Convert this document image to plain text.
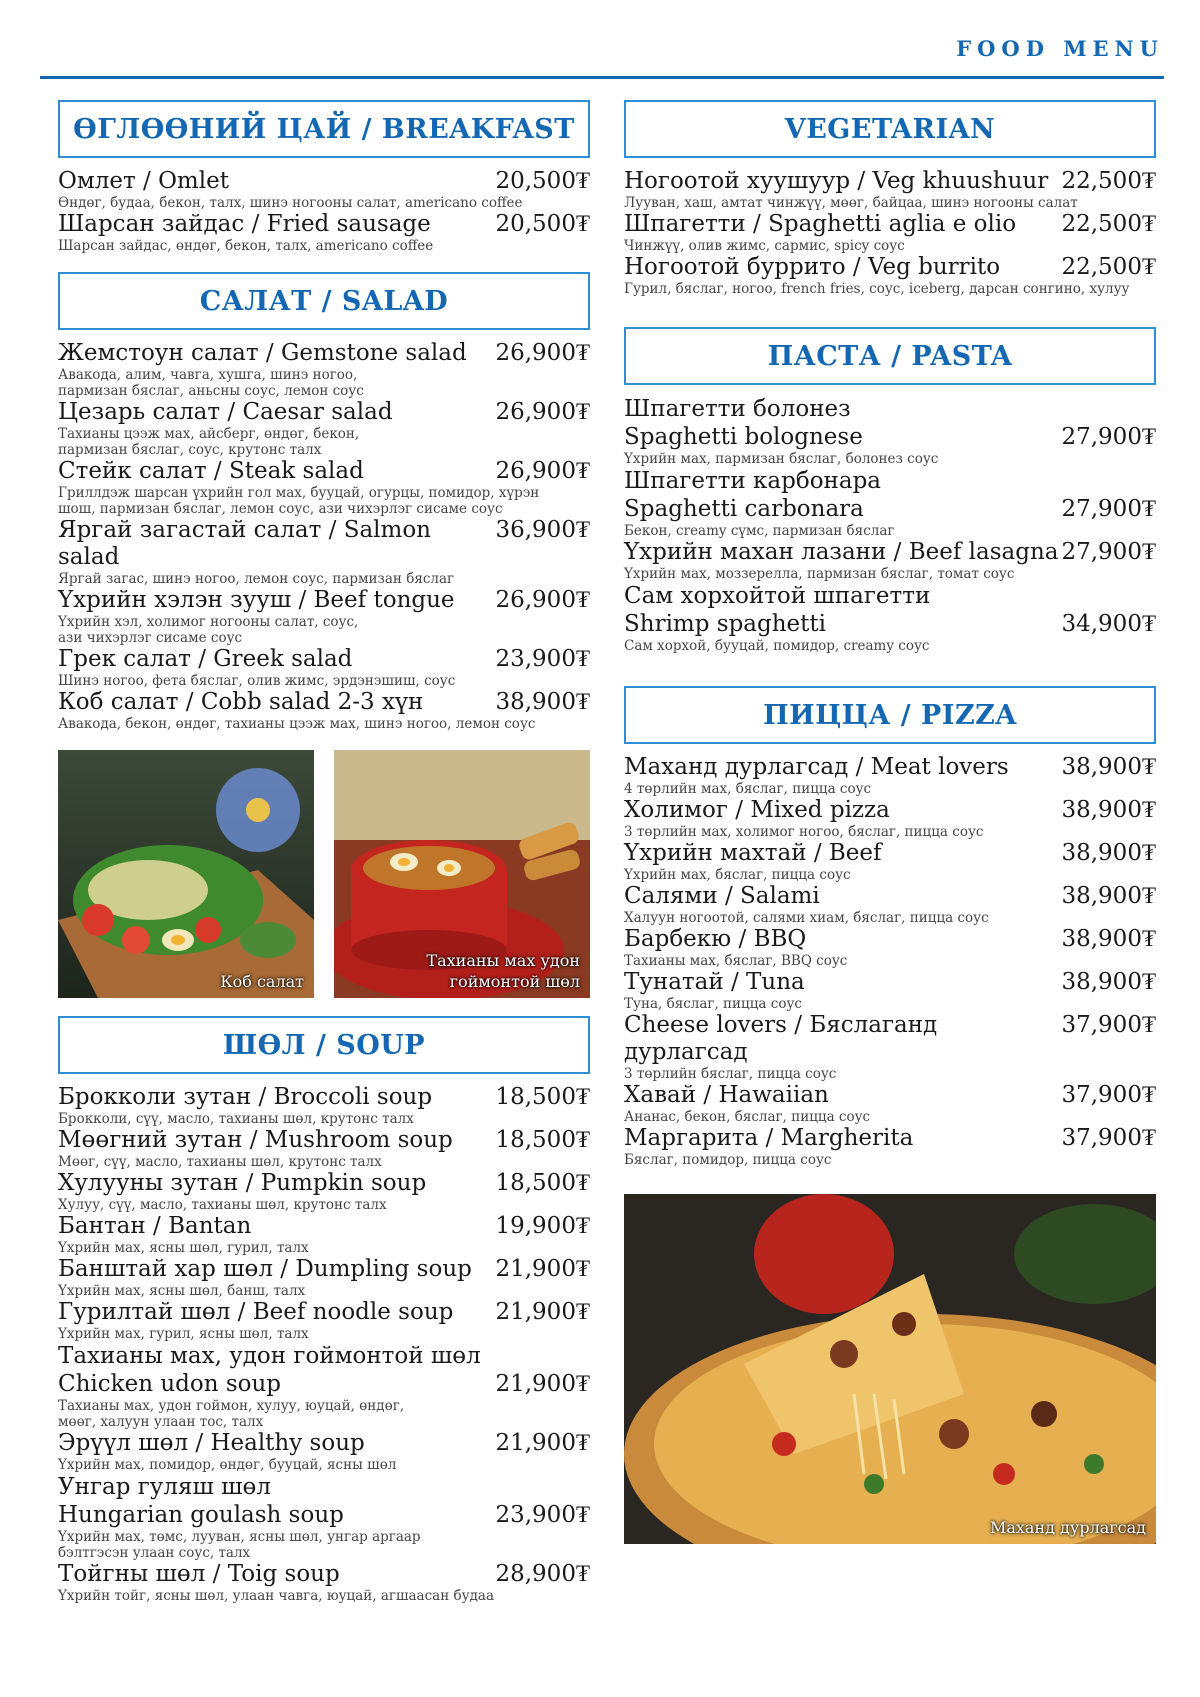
FOOD MENU
ӨГЛӨӨНИЙ ЦАЙ / BREAKFAST
Омлет / Omlet	20,500₮
Өндөг, будаа, бекон, талх, шинэ ногооны салат, americano coffee
Шарсан зайдас / Fried sausage	20,500₮
Шарсан зайдас, өндөг, бекон, талх, americano coffee
САЛАТ / SALAD
Жемстоун салат / Gemstone salad 26,900₮
Авакода, алим, чавга, хушга, шинэ ногоо,
пармизан бяслаг, аньсны соус, лемон соус
Цезарь салат / Caesar salad	26,900₮
Тахианы цээж мах, айсберг, өндөг, бекон,
пармизан бяслаг, соус, крутонс талх
Стейк салат / Steak salad	26,900₮
Гриллдэж шарсан үхрийн гол мах, бууцай, огурцы, помидор, хүрэн
шош, пармизан бяслаг, лемон соус, ази чихэрлэг сисаме соус
Яргай загастай салат / Salmon salad
36,900₮
Яргай загас, шинэ ногоо, лемон соус, пармизан бяслаг
Үхрийн хэлэн зууш / Beef tongue 26,900₮
Үхрийн хэл, холимог ногооны салат, соус,
ази чихэрлэг сисаме соус
Грек салат / Greek salad	23,900₮
Шинэ ногоо, фета бяслаг, олив жимс, эрдэнэшиш, соус
Коб салат / Cobb salad 2-3 хүн	38,900₮
Авакода, бекон, өндөг, тахианы цээж мах, шинэ ногоо, лемон соус
Коб салат
Тахианы мах удон
гоймонтой шөл
ШӨЛ / SOUP
Брокколи зутан / Broccoli soup	18,500₮
Брокколи, сүү, масло, тахианы шөл, крутонс талх
Мөөгний зутан / Mushroom soup 18,500₮
Мөөг, сүү, масло, тахианы шөл, крутонс талх
Хулууны зутан / Pumpkin soup	18,500₮
Хулуу, сүү, масло, тахианы шөл, крутонс талх
Бантан / Bantan	19,900₮
Үхрийн мах, ясны шөл, гурил, талх
Банштай хар шөл / Dumpling soup 21,900₮
Үхрийн мах, ясны шөл, банш, талх
Гурилтай шөл / Beef noodle soup 21,900₮
Үхрийн мах, гурил, ясны шөл, талх
Тахианы мах, удон гоймонтой шөл
Chicken udon soup	21,900₮
Тахианы мах, удон гоймон, хулуу, юуцай, өндөг,
мөөг, халуун улаан тос, талх
Эрүүл шөл / Healthy soup	21,900₮
Үхрийн мах, помидор, өндөг, бууцай, ясны шөл
Унгар гуляш шөл
Hungarian goulash soup	23,900₮
Үхрийн мах, төмс, лууван, ясны шөл, унгар аргаар
бэлтгэсэн улаан соус, талх
Тойгны шөл / Toig soup	28,900₮
Үхрийн тойг, ясны шөл, улаан чавга, юуцай, агшаасан будаа
VEGETARIAN
Ногоотой хуушуур / Veg khuushuur 22,500₮
Лууван, хаш, амтат чинжүү, мөөг, байцаа, шинэ ногооны салат
Шпагетти / Spaghetti aglia e olio 22,500₮
Чинжүү, олив жимс, сармис, spicy соус
Ногоотой буррито / Veg burrito	22,500₮
Гурил, бяслаг, ногоо, french fries, соус, iceberg, дарсан сонгино, хулуу
ПАСТА / PASTA
Шпагетти болонез
Spaghetti bolognese	27,900₮
Үхрийн мах, пармизан бяслаг, болонез соус
Шпагетти карбонара
Spaghetti carbonara	27,900₮
Бекон, creamy сүмс, пармизан бяслаг
Үхрийн махан лазани / Beef lasagna 27,900₮
Үхрийн мах, моззерелла, пармизан бяслаг, томат соус
Сам хорхойтой шпагетти
Shrimp spaghetti	34,900₮
Сам хорхой, бууцай, помидор, creamy соус
ПИЦЦА / PIZZA
Маханд дурлагсад / Meat lovers 38,900₮
4 төрлийн мах, бяслаг, пицца соус
Холимог / Mixed pizza	38,900₮
3 төрлийн мах, холимог ногоо, бяслаг, пицца соус
Үхрийн махтай / Beef	38,900₮
Үхрийн мах, бяслаг, пицца соус
Салями / Salami	38,900₮
Халуун ногоотой, салями хиам, бяслаг, пицца соус
Барбекю / BBQ	38,900₮
Тахианы мах, бяслаг, BBQ соус
Тунатай / Tuna	38,900₮
Туна, бяслаг, пицца соус
Cheese lovers / Бяслаганд дурлагсад
37,900₮
3 төрлийн бяслаг, пицца соус
Хавай / Hawaiian	37,900₮
Ананас, бекон, бяслаг, пицца соус
Маргарита / Margherita	37,900₮
Бяслаг, помидор, пицца соус
Маханд дурлагсад
